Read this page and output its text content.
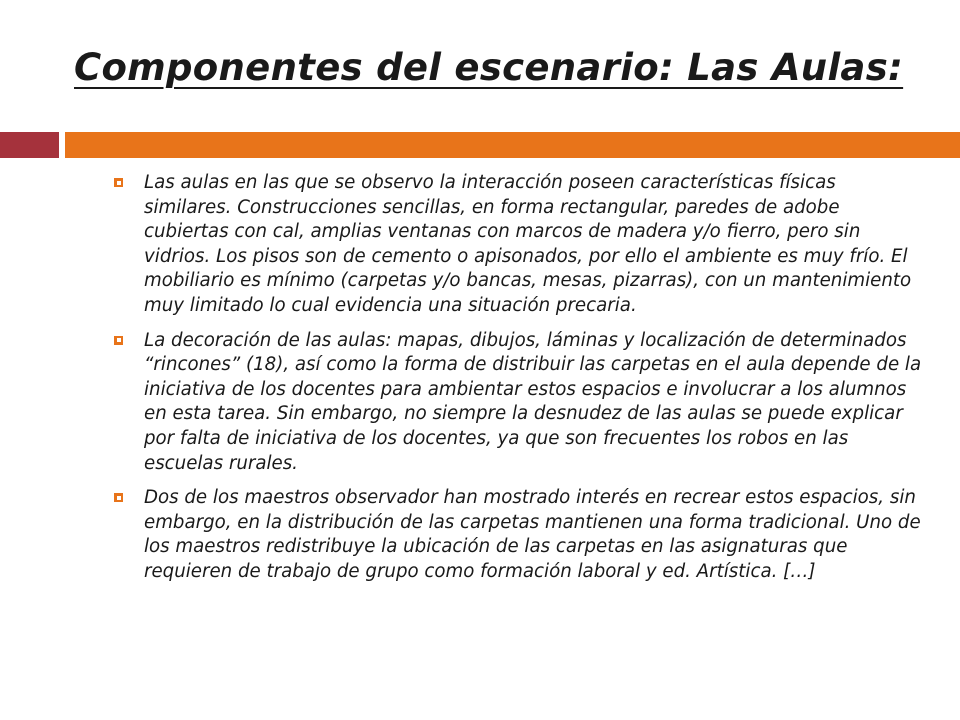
Componentes del escenario: Las Aulas:
Las aulas en las que se observo la interacción poseen características físicas similares. Construcciones sencillas, en forma rectangular, paredes de adobe cubiertas con cal, amplias ventanas con marcos de madera y/o fierro, pero sin vidrios. Los pisos son de cemento o apisonados, por ello el ambiente es muy frío. El mobiliario es mínimo (carpetas y/o bancas, mesas, pizarras), con un mantenimiento muy limitado lo cual evidencia una situación precaria.
La decoración de las aulas: mapas, dibujos, láminas y localización de determinados “rincones” (18), así como la forma de distribuir las carpetas en el aula depende de la iniciativa de los docentes para ambientar estos espacios e involucrar a los alumnos en esta tarea. Sin embargo, no siempre la desnudez de las aulas se puede explicar por falta de iniciativa de los docentes, ya que son frecuentes los robos en las escuelas rurales.
Dos de los maestros observador han mostrado interés en recrear estos espacios, sin embargo, en la distribución de las carpetas mantienen una forma tradicional. Uno de los maestros redistribuye la ubicación de las carpetas en las asignaturas que requieren de trabajo de grupo como formación laboral y ed. Artística. […]
